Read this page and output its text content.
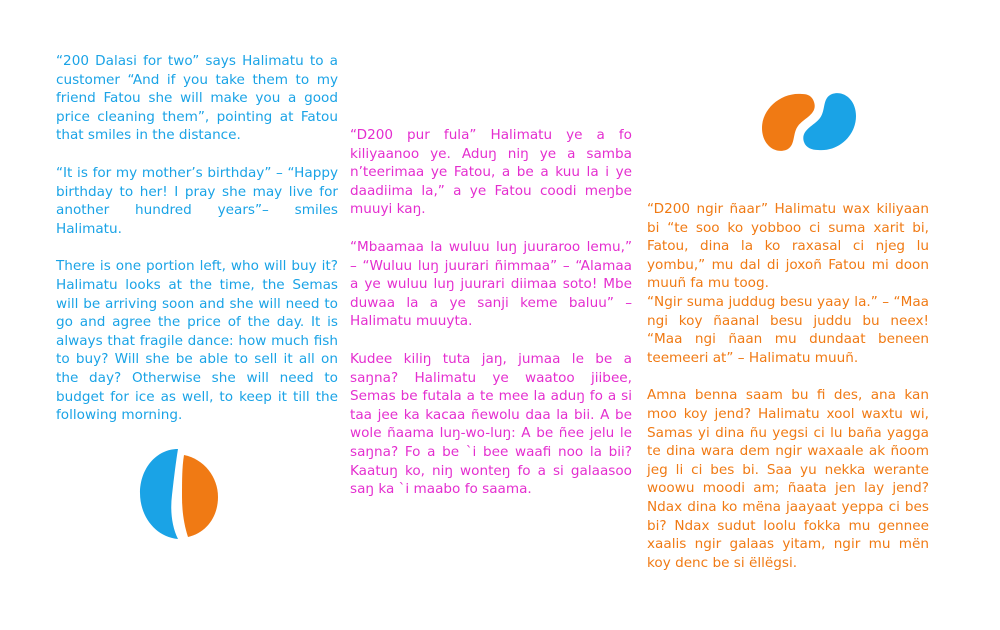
“200 Dalasi for two” says Halimatu to a customer “And if you take them to my friend Fatou she will make you a good price cleaning them”, pointing at Fatou that smiles in the distance.

“It is for my mother’s birthday” – “Happy birthday to her! I pray she may live for another hundred years”– smiles Halimatu.

There is one portion left, who will buy it? Halimatu looks at the time, the Semas will be arriving soon and she will need to go and agree the price of the day. It is always that fragile dance: how much fish to buy? Will she be able to sell it all on the day? Otherwise she will need to budget for ice as well, to keep it till the following morning.

“D200 pur fula” Halimatu ye a fo kiliyaanoo ye. Aduŋ niŋ ye a samba n’teerimaa ye Fatou, a be a kuu la i ye daadiima la,” a ye Fatou coodi meŋbe muuyi kaŋ.

“Mbaamaa la wuluu luŋ juuraroo lemu,” – “Wuluu luŋ juurari ñimmaa” – “Alamaa a ye wuluu luŋ juurari diimaa soto! Mbe duwaa la a ye sanji keme baluu” – Halimatu muuyta.

Kudee kiliŋ tuta jaŋ, jumaa le be a saŋna? Halimatu ye waatoo jiibee, Semas be futala a te mee la aduŋ fo a si taa jee ka kacaa ñewolu daa la bii. A be wole ñaama luŋ-wo-luŋ: A be ñee jelu le saŋna? Fo a be `i bee waafi noo la bii? Kaatuŋ ko, niŋ wonteŋ fo a si galaasoo saŋ ka `i maabo fo saama.

“D200 ngir ñaar” Halimatu wax kiliyaan bi “te soo ko yobboo ci suma xarit bi, Fatou, dina la ko raxasal ci njeg lu yombu,” mu dal di joxoñ Fatou mi doon muuñ fa mu toog.
“Ngir suma juddug besu yaay la.” – “Maa ngi koy ñaanal besu juddu bu neex! “Maa ngi ñaan mu dundaat beneen teemeeri at” – Halimatu muuñ.

Amna benna saam bu fi des, ana kan moo koy jend? Halimatu xool waxtu wi, Samas yi dina ñu yegsi ci lu baña yagga te dina wara dem ngir waxaale ak ñoom jeg li ci bes bi. Saa yu nekka werante woowu moodi am; ñaata jen lay jend? Ndax dina ko mëna jaayaat yeppa ci bes bi? Ndax sudut loolu fokka mu gennee xaalis ngir galaas yitam, ngir mu mën koy denc be si ëllëgsi.
